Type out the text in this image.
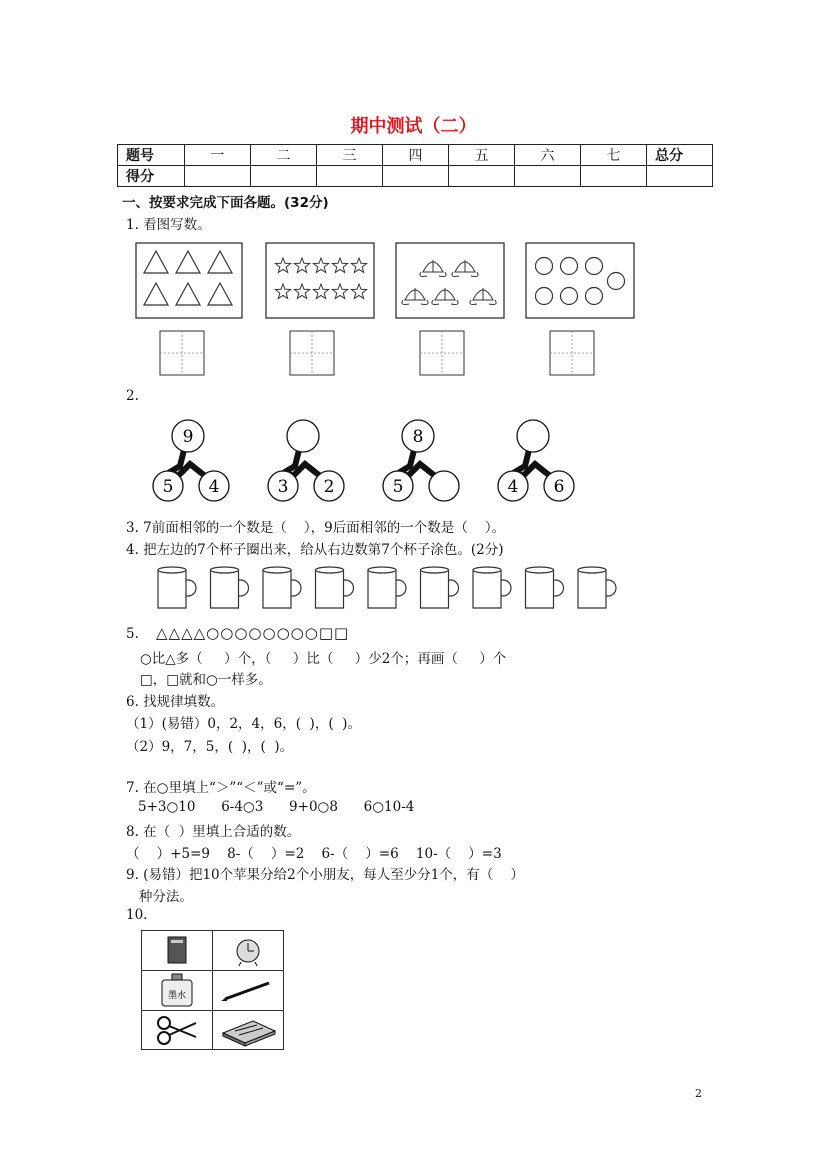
期中测试（二）
题号	一	二	三	四	五	六	七	总分
得分								
一、按要求完成下面各题。(32分)
1. 看图写数。
2.
9
5 4	3 2
8
5	4 6
3. 7前面相邻的一个数是（    ），9后面相邻的一个数是（    ）。
4. 把左边的7个杯子圈出来，给从右边数第7个杯子涂色。(2分)
5. △△△△○○○○○○○○□□
○比△多（     ）个，（     ）比（     ）少2个；再画（     ）个
□，□就和○一样多。
6. 找规律填数。
（1）(易错）0，2，4，6，(  )，(  )。
（2）9，7，5，(  )，(  )。
7. 在○里填上“＞”“＜”或“=”。
5+3○10      6-4○3      9+0○8      6○10-4
8. 在（  ）里填上合适的数。
（    ）+5=9    8-（    ）=2    6-（    ）=6    10-（    ）=3
9. (易错）把10个苹果分给2个小朋友，每人至少分1个，有（    ）
种分法。
10.
墨水
2
